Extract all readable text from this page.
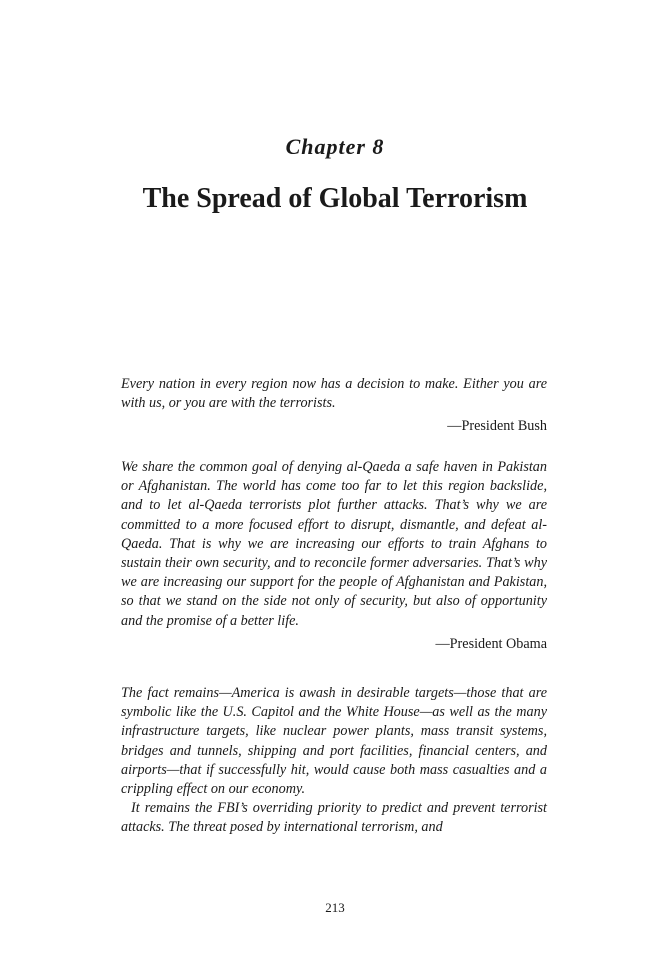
Chapter 8
The Spread of Global Terrorism

Every nation in every region now has a decision to make. Either you are with us, or you are with the terrorists.

—President Bush

We share the common goal of denying al-Qaeda a safe haven in Pakistan or Afghanistan. The world has come too far to let this region backslide, and to let al-Qaeda terrorists plot further attacks. That’s why we are committed to a more focused effort to disrupt, dismantle, and defeat al-Qaeda. That is why we are increasing our efforts to train Afghans to sustain their own security, and to reconcile former adversaries. That’s why we are increasing our support for the people of Afghanistan and Pakistan, so that we stand on the side not only of security, but also of opportunity and the promise of a better life.

—President Obama

The fact remains—America is awash in desirable targets—those that are symbolic like the U.S. Capitol and the White House—as well as the many infrastructure targets, like nuclear power plants, mass transit systems, bridges and tunnels, shipping and port facilities, financial centers, and airports—that if successfully hit, would cause both mass casualties and a crippling effect on our economy.

It remains the FBI’s overriding priority to predict and prevent terrorist attacks. The threat posed by international terrorism, and

213
